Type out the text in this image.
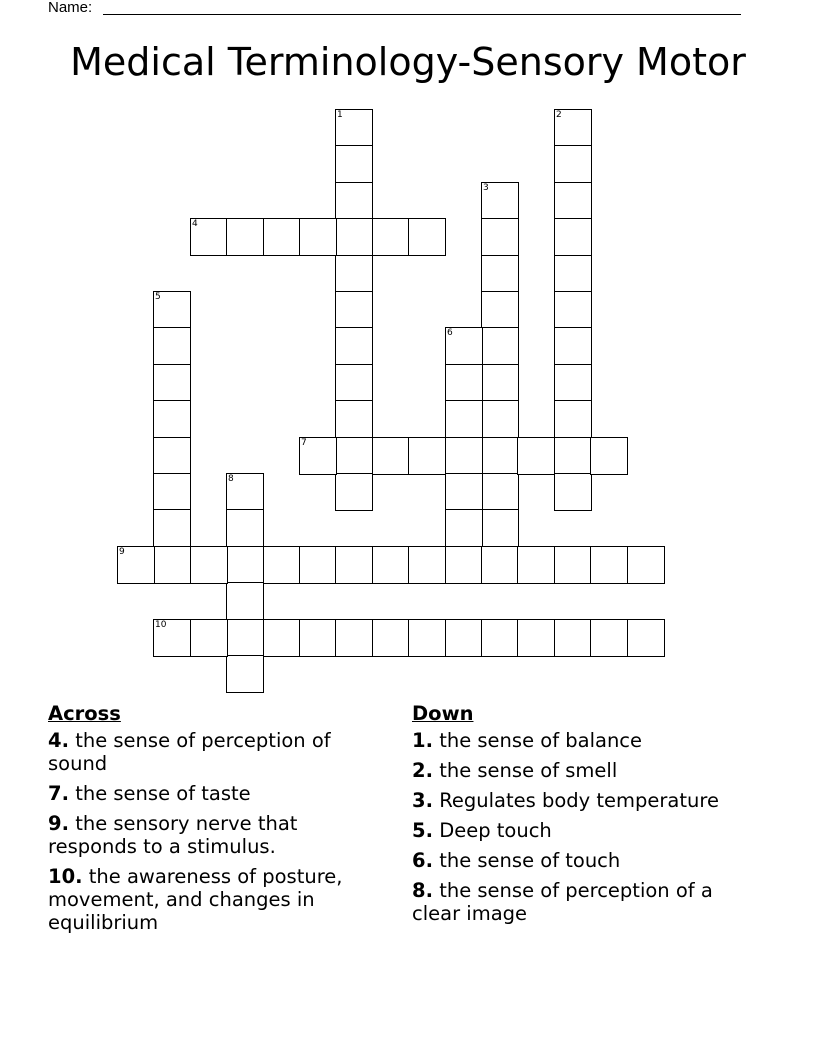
Name:
Medical Terminology-Sensory Motor
1	2
3
4
5
6
7
8
9
10
Across
4. the sense of perception of sound
7. the sense of taste
9. the sensory nerve that responds to a stimulus.
10. the awareness of posture, movement, and changes in equilibrium
Down
1. the sense of balance
2. the sense of smell
3. Regulates body temperature
5. Deep touch
6. the sense of touch
8. the sense of perception of a clear image
